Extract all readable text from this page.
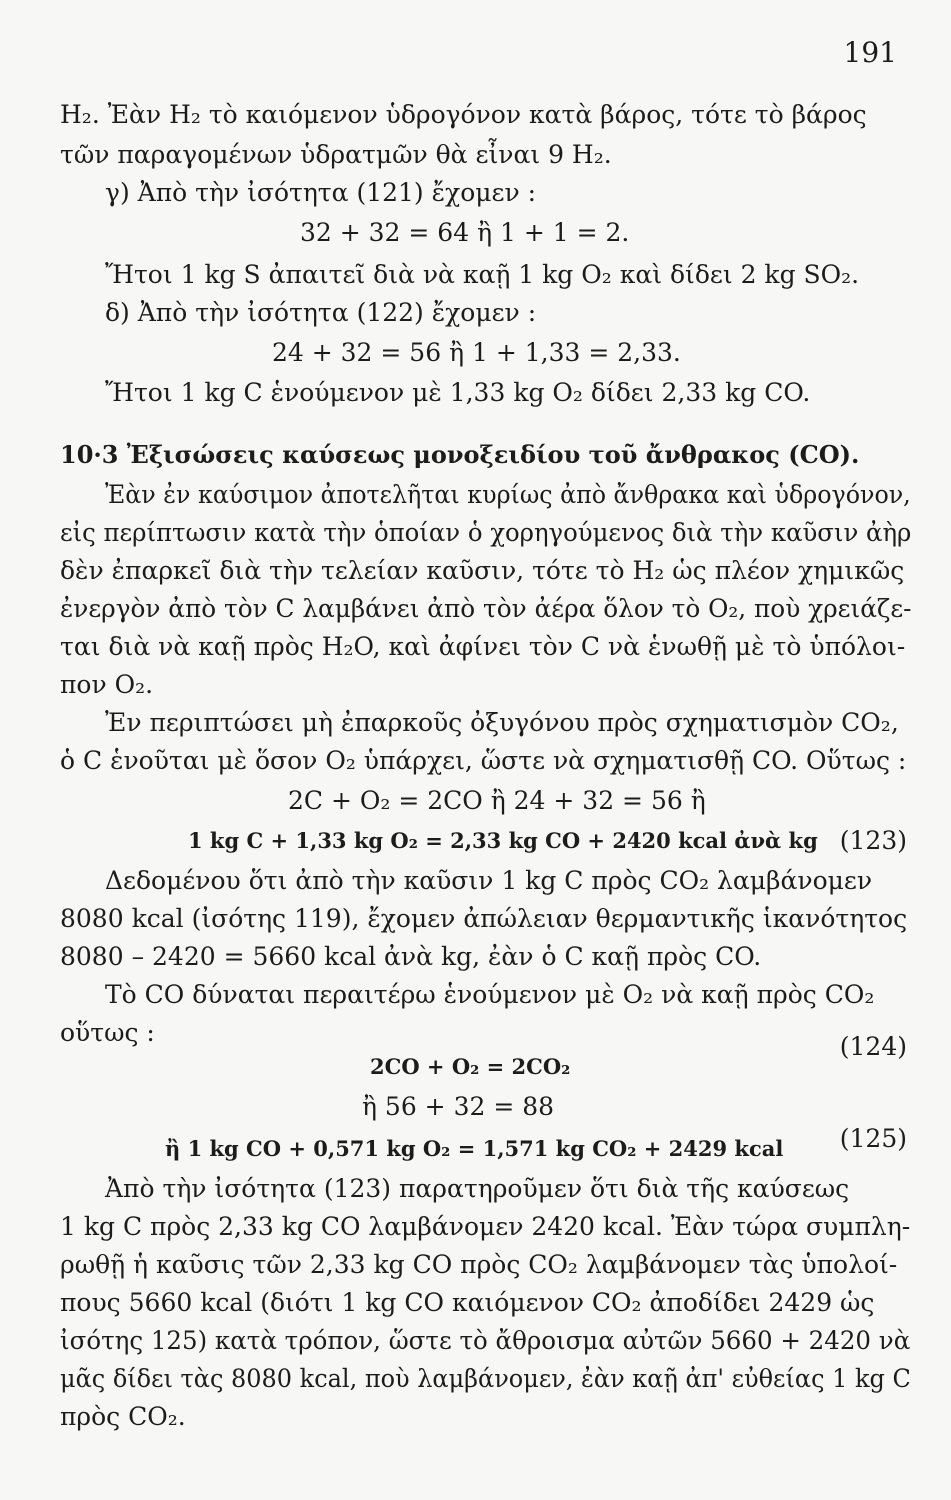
191
H₂. Ἐὰν H₂ τὸ καιόμενον ὑδρογόνον κατὰ βάρος, τότε τὸ βάρος
τῶν παραγομένων ὑδρατμῶν θὰ εἶναι 9 H₂.
γ) Ἀπὸ τὴν ἰσότητα (121) ἔχομεν :
32 + 32 = 64 ἢ 1 + 1 = 2.
Ἤτοι 1 kg S ἀπαιτεῖ διὰ νὰ καῇ 1 kg O₂ καὶ δίδει 2 kg SO₂.
δ) Ἀπὸ τὴν ἰσότητα (122) ἔχομεν :
24 + 32 = 56 ἢ 1 + 1,33 = 2,33.
Ἤτοι 1 kg C ἑνούμενον μὲ 1,33 kg O₂ δίδει 2,33 kg CO.
10·3 Ἐξισώσεις καύσεως μονοξειδίου τοῦ ἄνθρακος (CO).
Ἐὰν ἐν καύσιμον ἀποτελῆται κυρίως ἀπὸ ἄνθρακα καὶ ὑδρογόνον,
εἰς περίπτωσιν κατὰ τὴν ὁποίαν ὁ χορηγούμενος διὰ τὴν καῦσιν ἀὴρ
δὲν ἐπαρκεῖ διὰ τὴν τελείαν καῦσιν, τότε τὸ H₂ ὡς πλέον χημικῶς
ἐνεργὸν ἀπὸ τὸν C λαμβάνει ἀπὸ τὸν ἀέρα ὅλον τὸ O₂, ποὺ χρειάζε-
ται διὰ νὰ καῇ πρὸς H₂O, καὶ ἀφίνει τὸν C νὰ ἑνωθῇ μὲ τὸ ὑπόλοι-
πον O₂.
Ἐν περιπτώσει μὴ ἐπαρκοῦς ὀξυγόνου πρὸς σχηματισμὸν CO₂,
ὁ C ἑνοῦται μὲ ὅσον O₂ ὑπάρχει, ὥστε νὰ σχηματισθῇ CO. Οὕτως :
2C + O₂ = 2CO ἢ 24 + 32 = 56 ἢ
1 kg C + 1,33 kg O₂ = 2,33 kg CO + 2420 kcal ἀνὰ kg (123)
Δεδομένου ὅτι ἀπὸ τὴν καῦσιν 1 kg C πρὸς CO₂ λαμβάνομεν
8080 kcal (ἰσότης 119), ἔχομεν ἀπώλειαν θερμαντικῆς ἱκανότητος
8080 – 2420 = 5660 kcal ἀνὰ kg, ἐὰν ὁ C καῇ πρὸς CO.
Τὸ CO δύναται περαιτέρω ἑνούμενον μὲ O₂ νὰ καῇ πρὸς CO₂
οὕτως :
2CO + O₂ = 2CO₂
(124)
ἢ 56 + 32 = 88
ἢ 1 kg CO + 0,571 kg O₂ = 1,571 kg CO₂ + 2429 kcal (125)
Ἀπὸ τὴν ἰσότητα (123) παρατηροῦμεν ὅτι διὰ τῆς καύσεως
1 kg C πρὸς 2,33 kg CO λαμβάνομεν 2420 kcal. Ἐὰν τώρα συμπλη-
ρωθῇ ἡ καῦσις τῶν 2,33 kg CO πρὸς CO₂ λαμβάνομεν τὰς ὑπολοί-
πους 5660 kcal (διότι 1 kg CO καιόμενον CO₂ ἀποδίδει 2429 ὡς
ἰσότης 125) κατὰ τρόπον, ὥστε τὸ ἄθροισμα αὐτῶν 5660 + 2420 νὰ
μᾶς δίδει τὰς 8080 kcal, ποὺ λαμβάνομεν, ἐὰν καῇ ἀπ' εὐθείας 1 kg C
πρὸς CO₂.
